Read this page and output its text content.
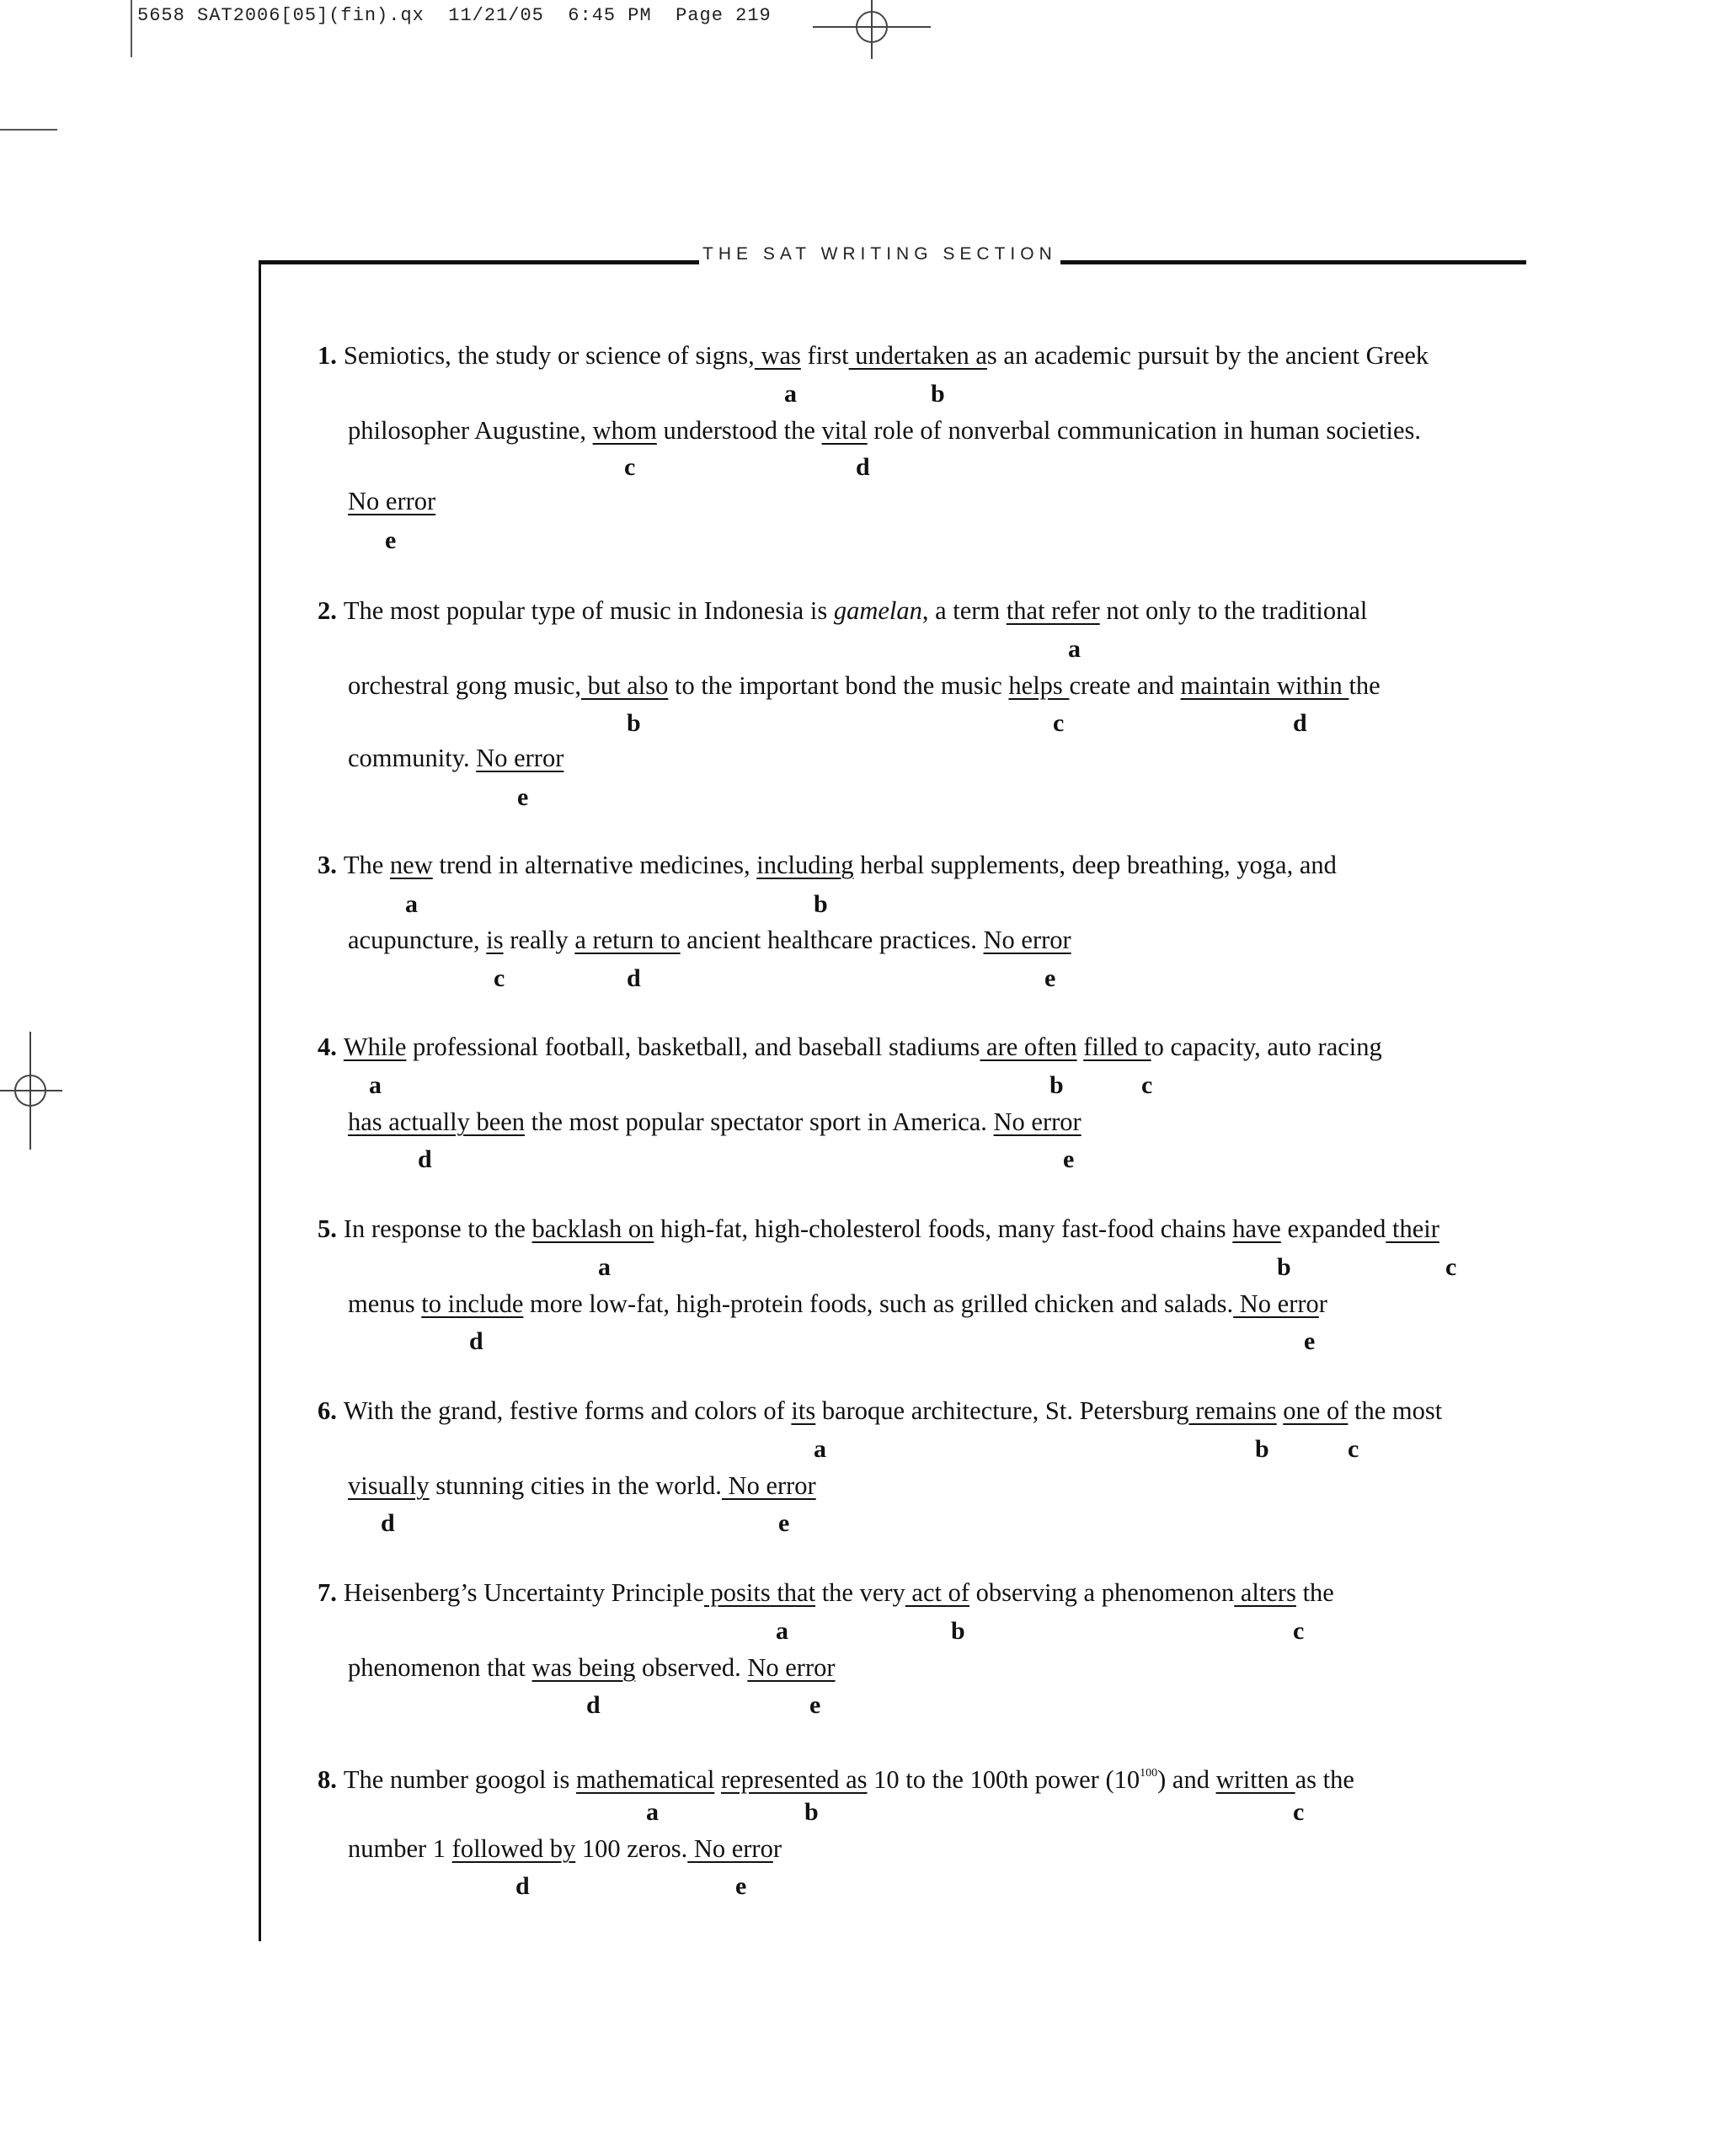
5658 SAT2006[05](fin).qx 11/21/05 6:45 PM Page 219
THE SAT WRITING SECTION
1. Semiotics, the study or science of signs, was first undertaken as an academic pursuit by the ancient Greek
philosopher Augustine, whom understood the vital role of nonverbal communication in human societies.
No error
a	b
c	d
e
2. The most popular type of music in Indonesia is gamelan, a term that refer not only to the traditional
orchestral gong music, but also to the important bond the music helps create and maintain within the
community. No error
a
b	c	d
e
3. The new trend in alternative medicines, including herbal supplements, deep breathing, yoga, and
acupuncture, is really a return to ancient healthcare practices. No error
a	b
c	d	e
4. While professional football, basketball, and baseball stadiums are often filled to capacity, auto racing
has actually been the most popular spectator sport in America. No error
a	b	c
d	e
5. In response to the backlash on high-fat, high-cholesterol foods, many fast-food chains have expanded their
menus to include more low-fat, high-protein foods, such as grilled chicken and salads. No error
a	b	c
d	e
6. With the grand, festive forms and colors of its baroque architecture, St. Petersburg remains one of the most
visually stunning cities in the world. No error
a	b	c
d	e
7. Heisenberg’s Uncertainty Principle posits that the very act of observing a phenomenon alters the
phenomenon that was being observed. No error
a	b	c
d	e
8. The number googol is mathematical represented as 10 to the 100th power $(10^{100})$ and written as the
number 1 followed by 100 zeros. No error
a	b	c
d	e
